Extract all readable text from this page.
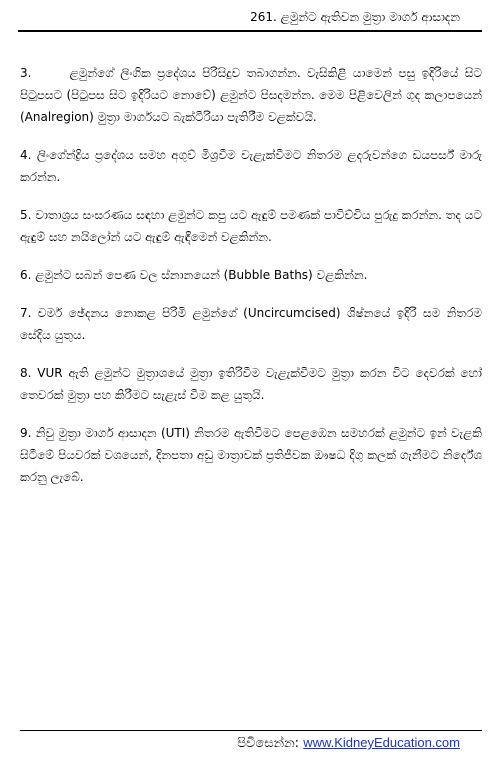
261. ළමුන්ට ඇතිවන මුත්‍රා මාර්ග ආසාදන

3.	ළමුන්ගේ ලිංගික ප්‍රදේශය පිරිසිදුව තබාගන්න. වැසිකිළි යාමෙන් පසු ඉදිරියේ සිට පිටුපසට (පිටුපස සිට ඉදිරියට නොවේ) ළමුන්ට පිසදමන්න. මෙම පිළිවෙලින් ගුද කලාපයෙන් (Analregion) මුත්‍රා මාර්ගයට බැක්ටීරියා පැතිරීම වළක්වයි.

4. ලිංගේන්ද්‍රිය ප්‍රදේශය සමහ අගුව් මිශ්‍රවීම වැළැක්වීමට නිතරම ළදරුවන්ගෙ ඩයපර්ස් මාරු කරන්න.

5. වාතාශ්‍රය සංසරණය සඳහා ළමුන්ට කපු යට ඇඳුම් පමණක් පාවිච්චිය පුරුදු කරන්න. තද යට ඇඳුම් සහ නයිලෝන් යට ඇඳුම් ඇඳීමෙන් වළකින්න.

6. ළමුන්ට සබන් පෙණ වල ස්නානයෙන් (Bubble Baths) වළකින්න.

7. චර්ම ඡේදනය නොකළ පිරිමි ළමුන්ගේ (Uncircumcised) ශිෂ්නයේ ඉදිරි සම නිතරම සේදිය යුතුය.

8. VUR ඇති ළමුන්ට මුත්‍රාශයේ මුත්‍රා ඉතිරිවීම වැළැක්වීමට මුත්‍රා කරන විට දෙවරක් හෝ තෙවරක් මුත්‍රා පහ කිරීමට සැළැස් වීම කළ යුතුයි.

9. නිවු මුත්‍රා මාර්ග ආසාදන (UTI) නිතරම ඇතිවීමට පෙළඹෙන සමහරක් ළමුන්ට ඉන් වැළකි සිටීමේ පියවරක් වශයෙන්, දිනපතා අඩු මාත්‍රාවක් ප්‍රතිජීවක ඖෂධ දිගු කලක් ගැනීමට නිර්දේශ කරනු ලැබේ.

පිවිසෙන්න: www.KidneyEducation.com
